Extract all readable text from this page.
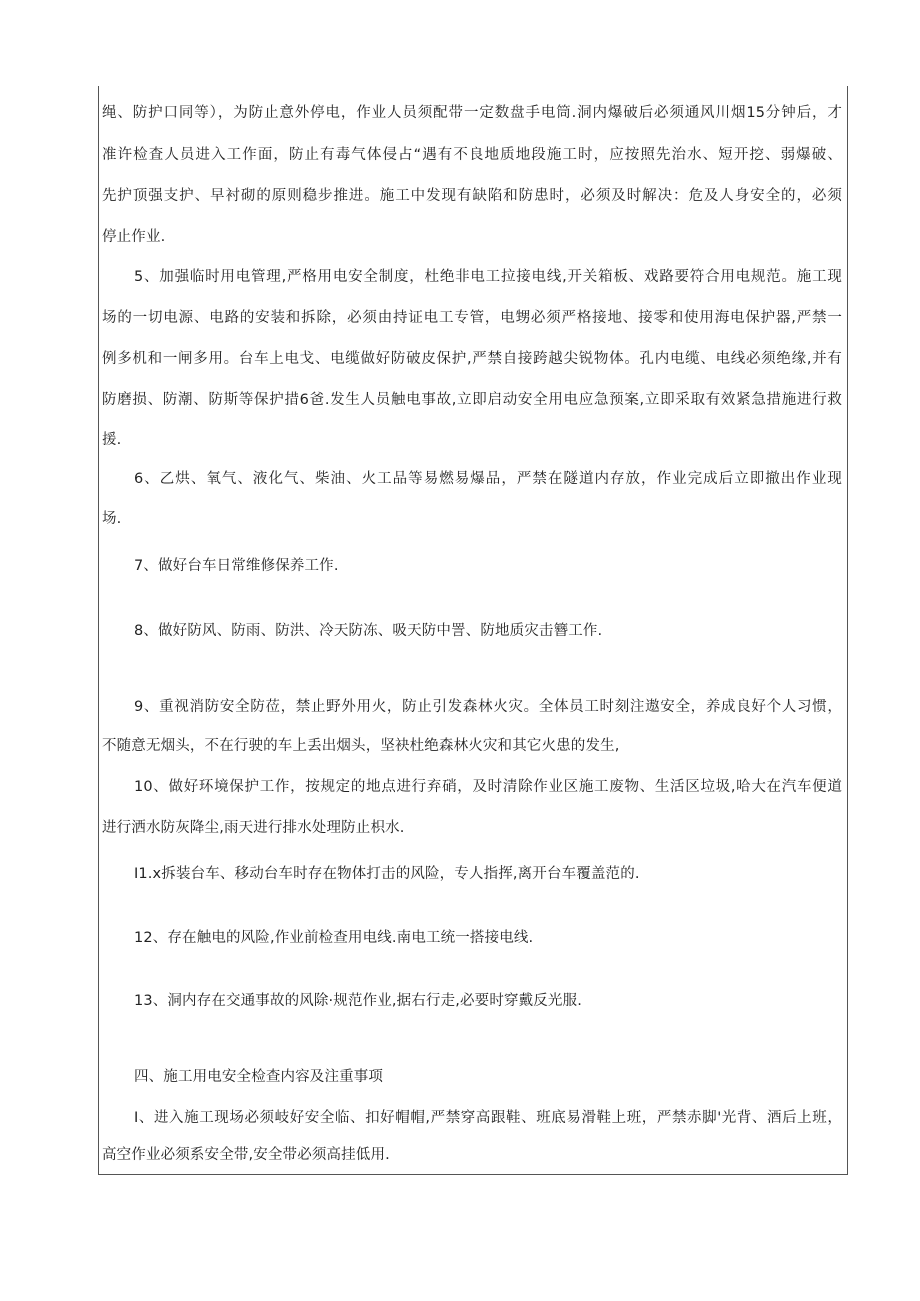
绳、防护口同等），为防止意外停电，作业人员须配带一定数盘手电筒.洞内爆破后必须通风川烟15分钟后，才
准许检査人员进入工作面，防止有毒气体侵占“遇有不良地质地段施工时，应按照先治水、短开挖、弱爆破、
先护顶强支护、早衬砌的原则稳步推进。施工中发现有缺陷和防患时，必须及时解决：危及人身安全的，必须
停止作业.
5、加强临时用电管理,严格用电安全制度，杜绝非电工拉接电线,开关箱板、戏路要符合用电规范。施工现
场的一切电源、电路的安装和拆除，必须由持证电工专管，电甥必须严格接地、接零和使用海电保护器,严禁一
例多机和一闸多用。台车上电戈、电缆做好防破皮保护,严禁自接跨越尖锐物体。孔内电缆、电线必须绝缘,并有
防磨损、防潮、防斯等保护措6爸.发生人员触电事故,立即启动安全用电应急预案,立即采取有效紧急措施进行救
援.
6、乙烘、氧气、液化气、柴油、火工品等易燃易爆品，严禁在隧道内存放，作业完成后立即撤出作业现
场.
7、做好台车日常维修保养工作.
8、做好防风、防雨、防洪、冷天防冻、吸天防中詈、防地质灾击簪工作.
9、重视消防安全防莅，禁止野外用火，防止引发森林火灾。全体员工时刻注遨安全，养成良好个人习惯，
不随意无烟头，不在行驶的车上丢出烟头，坚袂杜绝森林火灾和其它火患的发生,
10、做好环境保护工作，按规定的地点进行弃硝，及时清除作业区施工废物、生活区垃圾,哈大在汽车便道
进行洒水防灰降尘,雨天进行排水处理防止枳水.
I1.x拆装台车、移动台车时存在物体打击的风险，专人指挥,离开台车覆盖范的.
12、存在触电的风险,作业前检查用电线.南电工统一搭接电线.
13、洞内存在交通事故的风除·规范作业,据右行走,必要时穿戴反光服.
四、施工用电安全检查内容及注重事项
I、进入施工现场必须岐好安全临、扣好帽帽,严禁穿高跟鞋、班底易滑鞋上班，严禁赤脚'光背、酒后上班，
高空作业必须系安全带,安全带必须高挂低用.
